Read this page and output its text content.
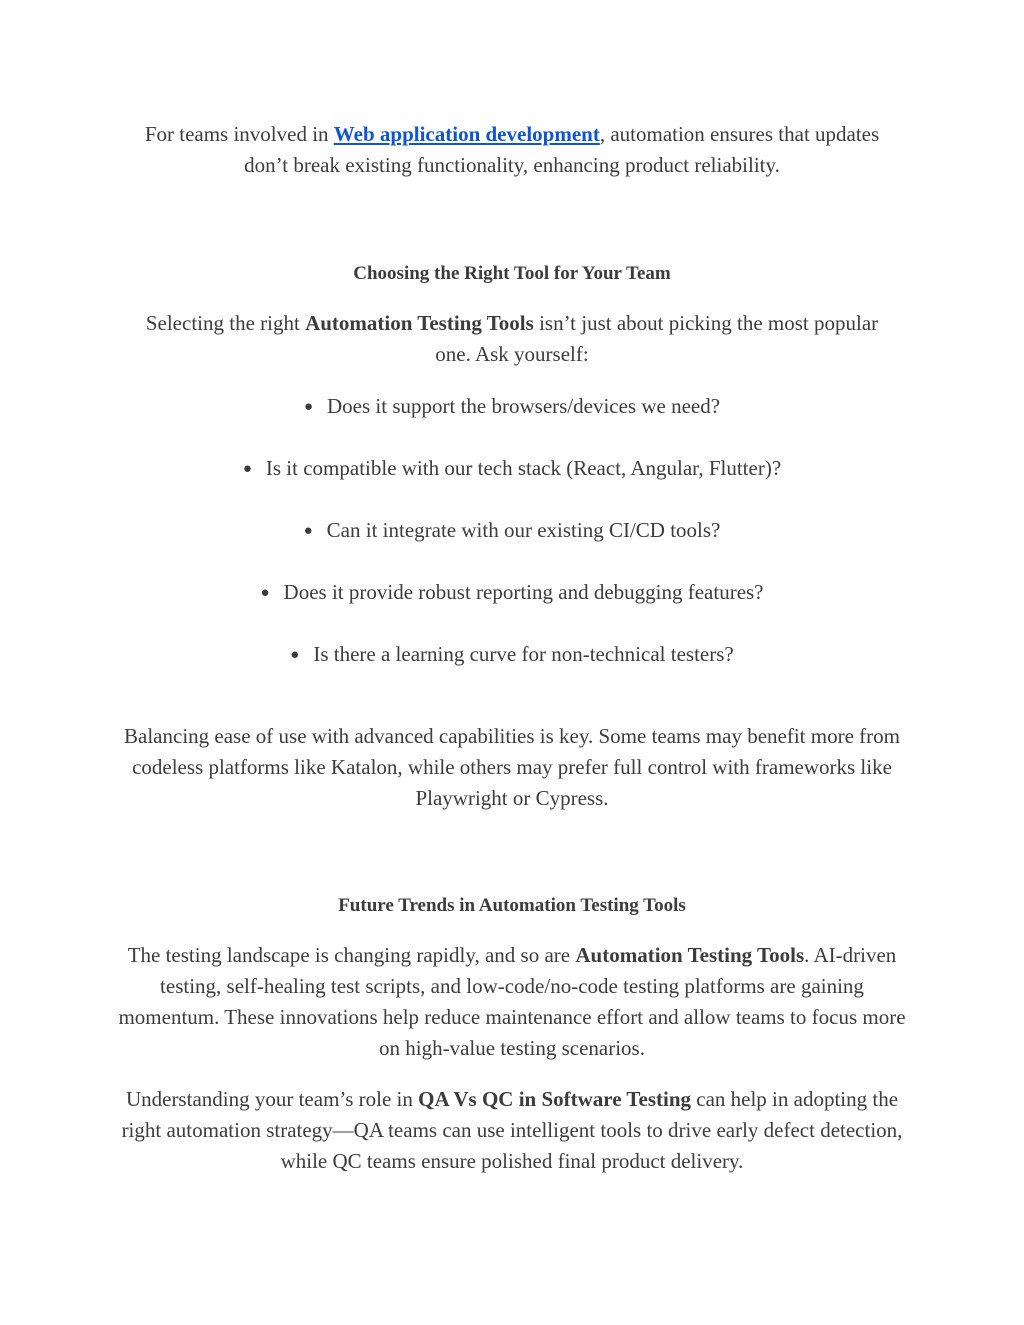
For teams involved in Web application development, automation ensures that updates don’t break existing functionality, enhancing product reliability.

Choosing the Right Tool for Your Team

Selecting the right Automation Testing Tools isn’t just about picking the most popular one. Ask yourself:

● Does it support the browsers/devices we need?

● Is it compatible with our tech stack (React, Angular, Flutter)?

● Can it integrate with our existing CI/CD tools?

● Does it provide robust reporting and debugging features?

● Is there a learning curve for non-technical testers?

Balancing ease of use with advanced capabilities is key. Some teams may benefit more from codeless platforms like Katalon, while others may prefer full control with frameworks like Playwright or Cypress.

Future Trends in Automation Testing Tools

The testing landscape is changing rapidly, and so are Automation Testing Tools. AI-driven testing, self-healing test scripts, and low-code/no-code testing platforms are gaining momentum. These innovations help reduce maintenance effort and allow teams to focus more on high-value testing scenarios.

Understanding your team’s role in QA Vs QC in Software Testing can help in adopting the right automation strategy—QA teams can use intelligent tools to drive early defect detection, while QC teams ensure polished final product delivery.
